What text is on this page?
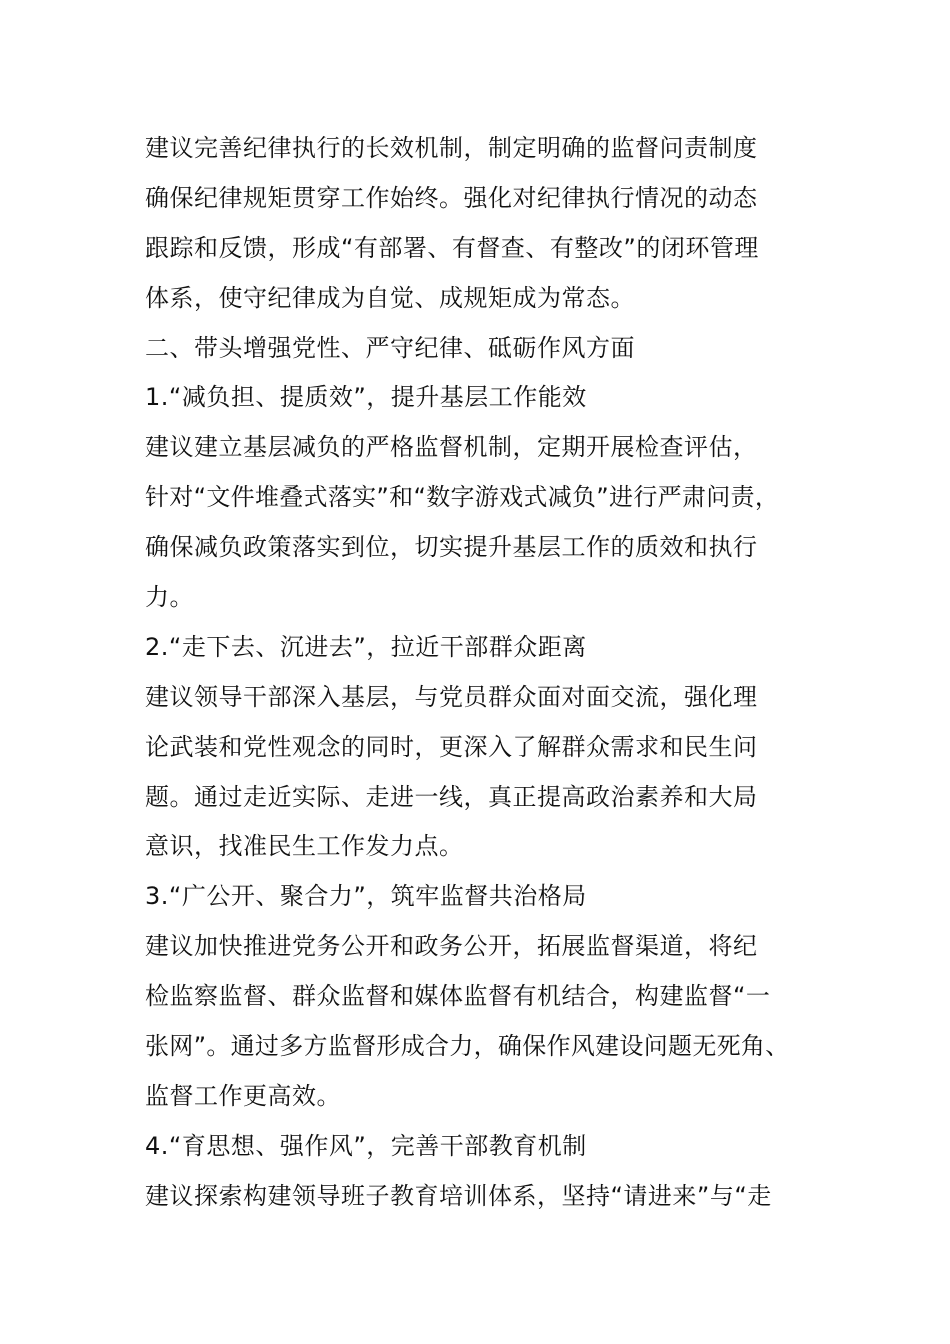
建议完善纪律执行的长效机制，制定明确的监督问责制度
确保纪律规矩贯穿工作始终。强化对纪律执行情况的动态
跟踪和反馈，形成“有部署、有督查、有整改”的闭环管理
体系，使守纪律成为自觉、成规矩成为常态。
二、带头增强党性、严守纪律、砥砺作风方面
1.“减负担、提质效”，提升基层工作能效
建议建立基层减负的严格监督机制，定期开展检查评估，
针对“文件堆叠式落实”和“数字游戏式减负”进行严肃问责，
确保减负政策落实到位，切实提升基层工作的质效和执行
力。
2.“走下去、沉进去”，拉近干部群众距离
建议领导干部深入基层，与党员群众面对面交流，强化理
论武装和党性观念的同时，更深入了解群众需求和民生问
题。通过走近实际、走进一线，真正提高政治素养和大局
意识，找准民生工作发力点。
3.“广公开、聚合力”，筑牢监督共治格局
建议加快推进党务公开和政务公开，拓展监督渠道，将纪
检监察监督、群众监督和媒体监督有机结合，构建监督“一
张网”。通过多方监督形成合力，确保作风建设问题无死角、
监督工作更高效。
4.“育思想、强作风”，完善干部教育机制
建议探索构建领导班子教育培训体系，坚持“请进来”与“走
